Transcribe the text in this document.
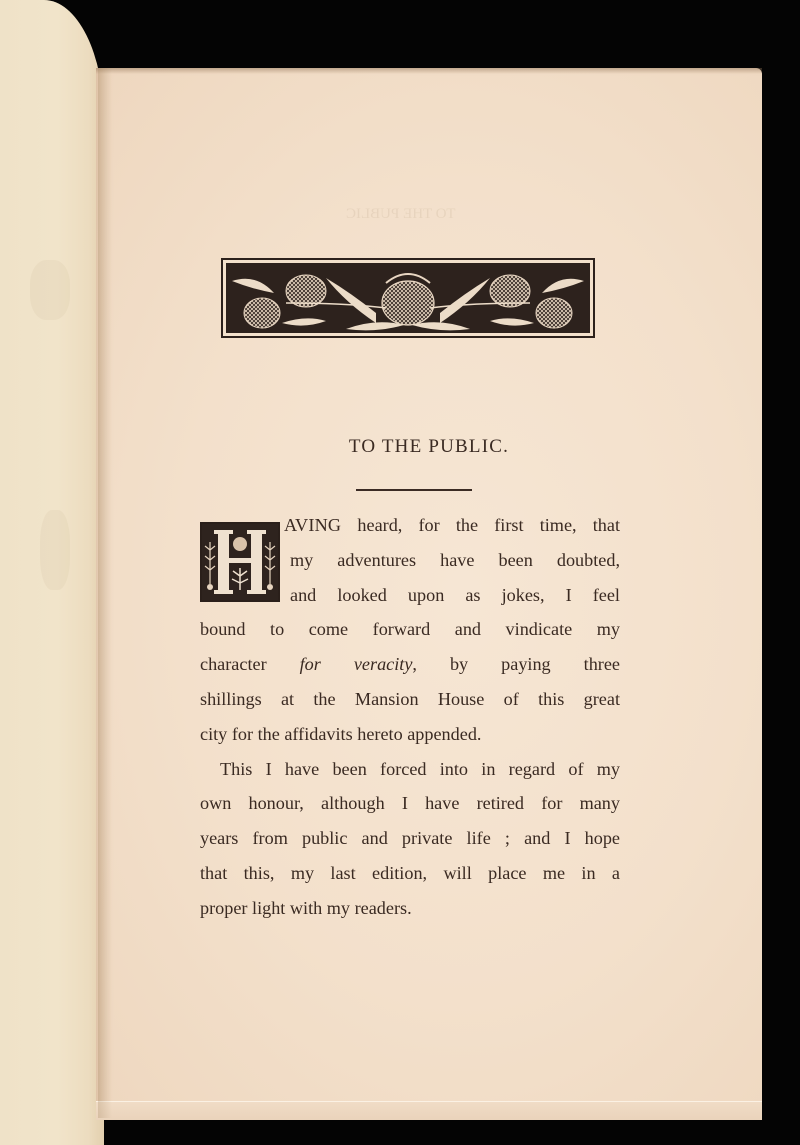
TO THE PUBLIC
TO THE PUBLIC.
AVING heard, for the first time, that
my adventures have been doubted,
and looked upon as jokes, I feel
bound to come forward and vindicate my
character for veracity, by paying three
shillings at the Mansion House of this great
city for the affidavits hereto appended.
This I have been forced into in regard of my
own honour, although I have retired for many
years from public and private life ; and I hope
that this, my last edition, will place me in a
proper light with my readers.
